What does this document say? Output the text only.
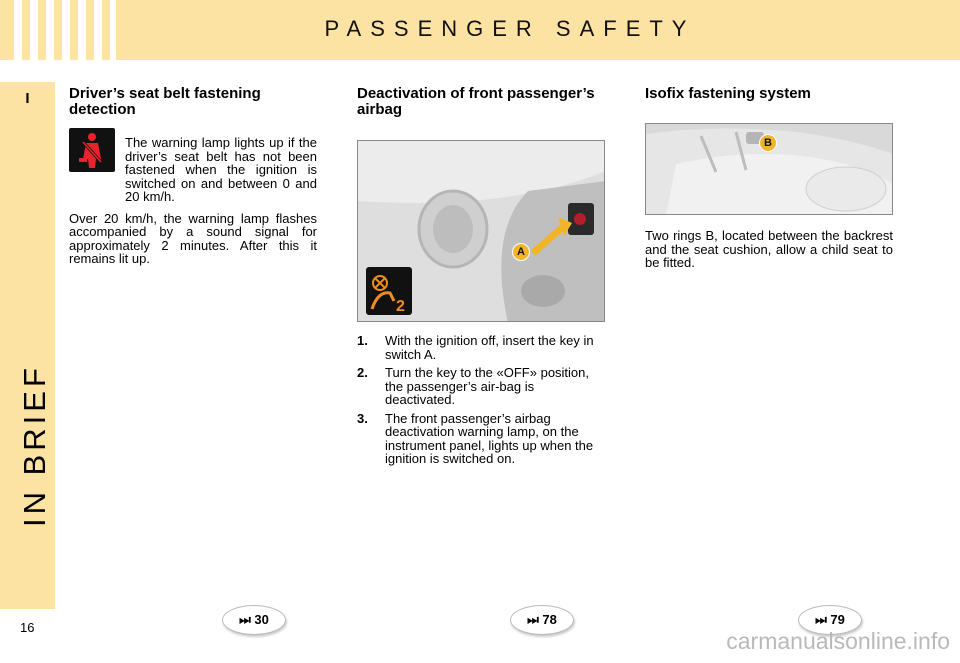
PASSENGER SAFETY
I
IN BRIEF
16
Driver’s seat belt fastening detection

The warning lamp lights up if the driver’s seat belt has not been fastened when the ignition is switched on and between 0 and 20 km/h.

Over 20 km/h, the warning lamp flashes accompanied by a sound signal for approximately 2 minutes. After this it remains lit up.

Deactivation of front passenger’s airbag
2
A
1.	With the ignition off, insert the key in switch A.
2.	Turn the key to the «OFF» position, the passenger’s air-bag is deactivated.
3.	The front passenger’s airbag deactivation warning lamp, on the instrument panel, lights up when the ignition is switched on.
Isofix fastening system
B

Two rings B, located between the backrest and the seat cushion, allow a child seat to be fitted.

⏭ 30	⏭ 78	⏭ 79
carmanualsonline.info
